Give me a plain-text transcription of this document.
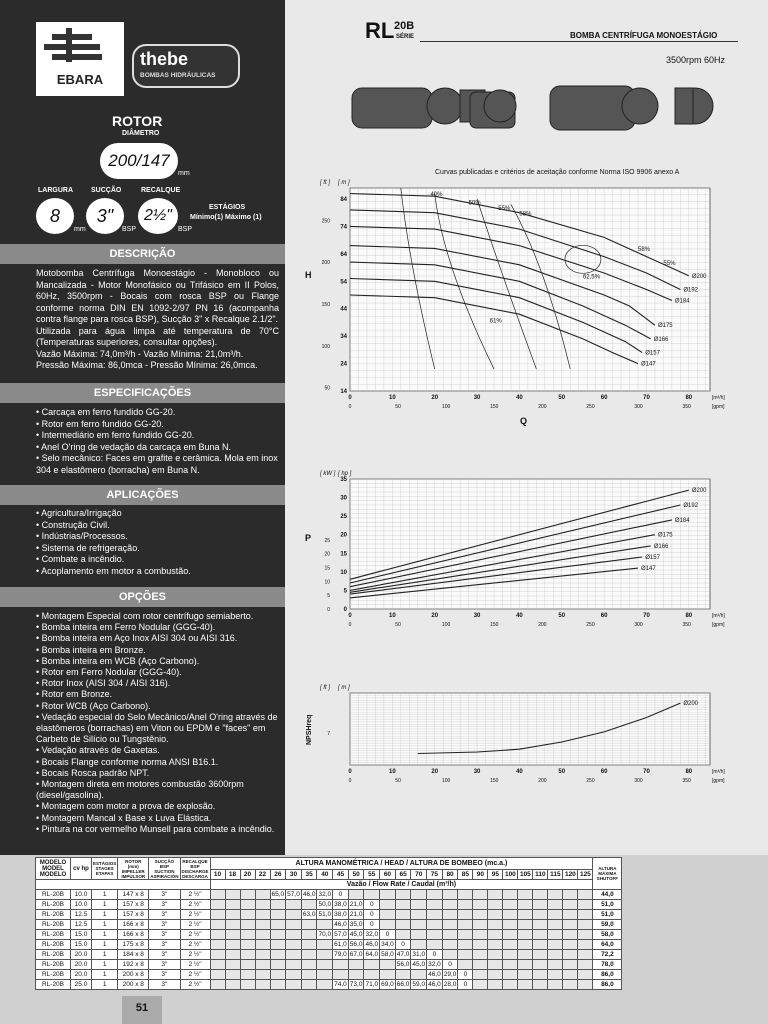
EBARA
thebe
BOMBAS HIDRÁULICAS
ROTOR
DIÂMETRO
200/147
mm
LARGURA	SUCÇÃO	RECALQUE
8
mm
3"
BSP
2½"
BSP
ESTÁGIOS
Mínimo(1) Máximo (1)
DESCRIÇÃO

Motobomba Centrífuga Monoestágio - Monobloco ou Mancalizada - Motor Monofásico ou Trifásico em II Polos, 60Hz, 3500rpm - Bocais com rosca BSP ou Flange conforme norma DIN EN 1092-2/97 PN 16 (acompanha contra flange para rosca BSP), Sucção 3" x Recalque 2.1/2".

Utilizada para água limpa até temperatura de 70°C (Temperaturas superiores, consultar opções).

Vazão Máxima: 74,0m³/h - Vazão Mínima: 21,0m³/h.

Pressão Máxima: 86,0mca - Pressão Mínima: 26,0mca.

ESPECIFICAÇÕES
• Carcaça em ferro fundido GG-20.
• Rotor em ferro fundido GG-20.
• Intermediário em ferro fundido GG-20.
• Anel O'ring de vedação da carcaça em Buna N.
• Selo mecânico: Faces em grafite e cerâmica. Mola em inox 304 e elastômero (borracha) em Buna N.
APLICAÇÕES
• Agricultura/Irrigação
• Construção Civil.
• Indústrias/Processos.
• Sistema de refrigeração.
• Combate a incêndio.
• Acoplamento em motor a combustão.
OPÇÕES
• Montagem Especial com rotor centrífugo semiaberto.
• Bomba inteira em Ferro Nodular (GGG-40).
• Bomba inteira em Aço Inox AISI 304 ou AISI 316.
• Bomba inteira em Bronze.
• Bomba inteira em WCB (Aço Carbono).
• Rotor em Ferro Nodular (GGG-40).
• Rotor Inox (AISI 304 / AISI 316).
• Rotor em Bronze.
• Rotor WCB (Aço Carbono).
• Vedação especial do Selo Mecânico/Anel O'ring através de elastômeros (borrachas) em Viton ou EPDM e "faces" em Carbeto de Silício ou Tungstênio.
• Vedação através de Gaxetas.
• Bocais Flange conforme norma ANSI B16.1.
• Bocais Rosca padrão NPT.
• Montagem direta em motores combustão 3600rpm (diesel/gasolina).
• Montagem com motor a prova de explosão.
• Montagem Mancal x Base x Luva Elástica.
• Pintura na cor vermelho Munsell para combate a incêndio.
RL 20B
SÉRIE	BOMBA CENTRÍFUGA MONOESTÁGIO
3500rpm 60Hz
0	10	20	30	40	50	60	70	80
0	50	100	150	200	250	300	350
[m³/h]
[gpm]
14
24
34
44
54
64
74
84
50
100
150
200
250
[ ft ] [ m ]
Ø200
Ø192
Ø184
Ø175
Ø166
Ø157
Ø147
Curvas publicadas e critérios de aceitação conforme Norma ISO 9906 anexo A
H
Q
40%
50%
55%
58%
58%
55%
61%
62,5%
0	10	20	30	40	50	60	70	80
0	50	100	150	200	250	300	350
[m³/h]
[gpm]
0
5
10
15
20
25
30
35
0
5
10
15
20
25
[ kW ] [ hp ]
Ø200
Ø192
Ø184
Ø175
Ø166
Ø157
Ø147
P
0	10	20	30	40	50	60	70	80
0	50	100	150	200	250	300	350
[m³/h]
[gpm]
7
[ ft ] [ m ]
Ø200
NPSHreq
MODELO MODEL MODELO	cv hp	ESTÁGIOS STAGES ETAPAS	ROTOR (mm) IMPELLER IMPULSOR	SUCÇÃO BSP SUCTION ASPIRACIÓN	RECALQUE BSP DISCHARGE DESCARGA	ALTURA MANOMÉTRICA / HEAD / ALTURA DE BOMBEO (mc.a.)																									ALTURA MÁXIMA SHUTOFF
						10	18	20	22	26	30	35	40	45	50	55	60	65	70	75	80	85	90	95	100	105	110	115	120	125	
						Vazão / Flow Rate / Caudal (m³/h)																									
RL-20B	10.0	1	147 x 8	3"	2 ½"					65,0	57,0	46,0	32,0	0																	44,0
RL-20B	10.0	1	157 x 8	3"	2 ½"								50,0	38,0	21,0	0															51,0
RL-20B	12.5	1	157 x 8	3"	2 ½"							63,0	51,0	38,0	21,0	0															51,0
RL-20B	12.5	1	166 x 8	3"	2 ½"									46,0	35,0	0															59,0
RL-20B	15.0	1	166 x 8	3"	2 ½"								70,0	57,0	45,0	32,0	0														58,0
RL-20B	15.0	1	175 x 8	3"	2 ½"									61,0	56,0	46,0	34,0	0													64,0
RL-20B	20.0	1	184 x 8	3"	2 ½"									79,0	67,0	64,0	58,0	47,0	31,0	0											72,2
RL-20B	20.0	1	192 x 8	3"	2 ½"													56,0	45,0	32,0	0										78,0
RL-20B	20.0	1	200 x 8	3"	2 ½"															46,0	29,0	0									86,0
RL-20B	25.0	1	200 x 8	3"	2 ½"									74,0	73,0	71,0	69,0	66,0	59,0	46,0	28,0	0									86,0
51
